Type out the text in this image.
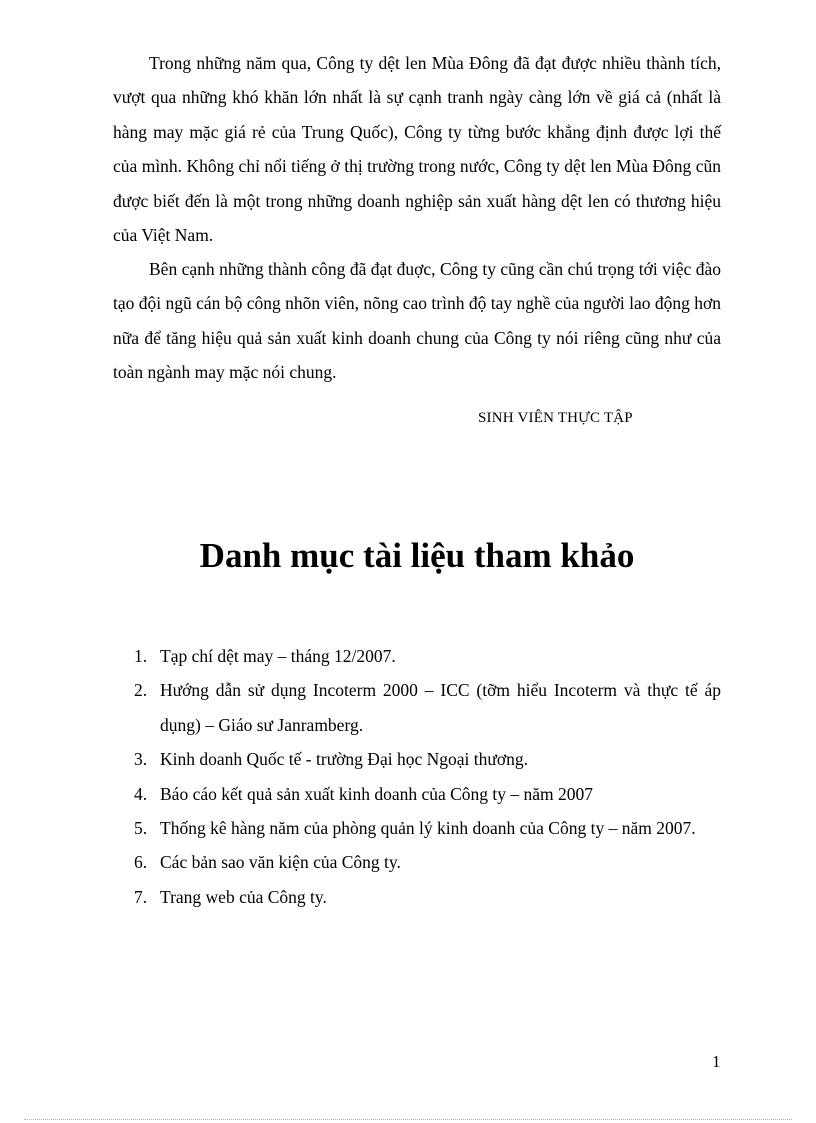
Trong những năm qua, Công ty dệt len Mùa Đông đã đạt được nhiều thành tích, vượt qua những khó khăn lớn nhất là sự cạnh tranh ngày càng lớn về giá cả (nhất là hàng may mặc giá rẻ của Trung Quốc), Công ty từng bước khẳng định được lợi thế của mình. Không chỉ nổi tiếng ở thị trường trong nước, Công ty dệt len Mùa Đông cũn được biết đến là một trong những doanh nghiệp sản xuất hàng dệt len có thương hiệu của Việt Nam.

Bên cạnh những thành công đã đạt đuợc, Công ty cũng cần chú trọng tới việc đào tạo đội ngũ cán bộ công nhõn viên, nõng cao trình độ tay nghề của người lao động hơn nữa để tăng hiệu quả sản xuất kinh doanh chung của Công ty nói riêng cũng như của toàn ngành may mặc nói chung.

SINH VIÊN THỰC TẬP

Danh mục tài liệu tham khảo
1. Tạp chí dệt may – tháng 12/2007.
2. Hướng dẫn sử dụng Incoterm 2000 – ICC (tỡm hiểu Incoterm và thực tế áp dụng) – Giáo sư Janramberg.
3. Kinh doanh Quốc tế - trường Đại học Ngoại thương.
4. Báo cáo kết quả sản xuất kinh doanh của Công ty – năm 2007
5. Thống kê hàng năm của phòng quản lý kinh doanh của Công ty – năm 2007.
6. Các bản sao văn kiện của Công ty.
7. Trang web của Công ty.

1
